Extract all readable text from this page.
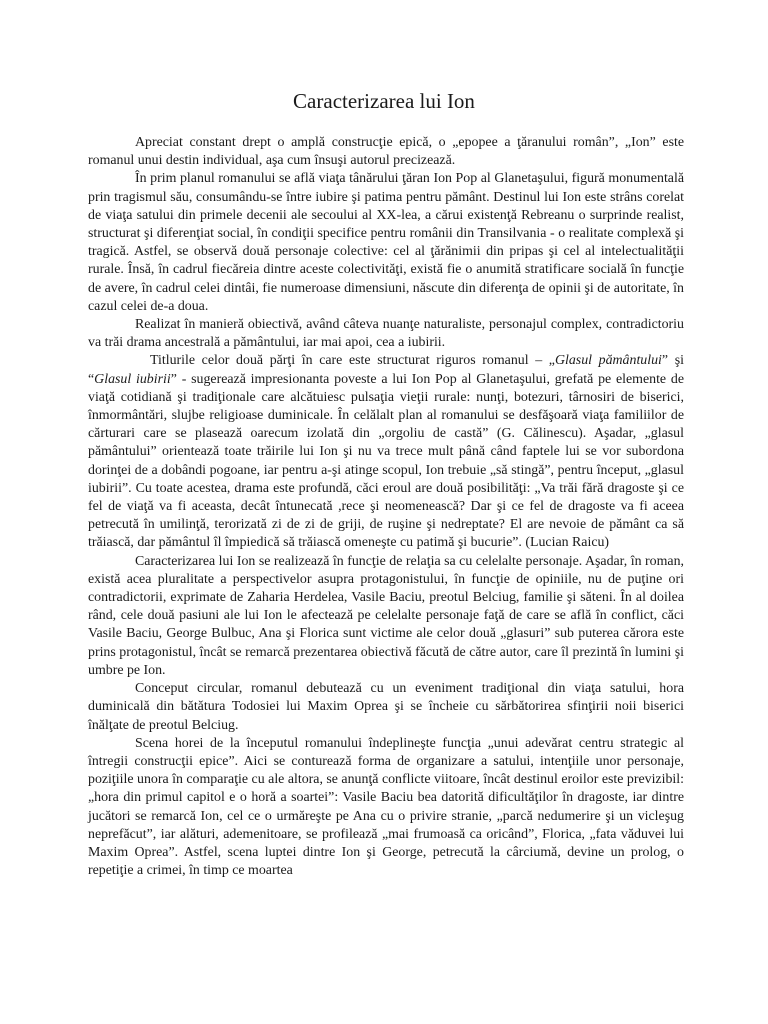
Caracterizarea lui Ion

Apreciat constant drept o amplă construcţie epică, o „epopee a ţăranului român”, „Ion” este romanul unui destin individual, aşa cum însuşi autorul precizează.

În prim planul romanului se află viaţa tânărului ţăran Ion Pop al Glanetaşului, figură monumentală prin tragismul său, consumându-se între iubire şi patima pentru pământ. Destinul lui Ion este strâns corelat de viaţa satului din primele decenii ale secoului al XX-lea, a cărui existenţă Rebreanu o surprinde realist, structurat şi diferenţiat social, în condiţii specifice pentru românii din Transilvania - o realitate complexă şi tragică. Astfel, se observă două personaje colective: cel al ţărănimii din pripas şi cel al intelectualităţii rurale. Însă, în cadrul fiecăreia dintre aceste colectivităţi, există fie o anumită stratificare socială în funcţie de avere, în cadrul celei dintâi, fie numeroase dimensiuni, născute din diferenţa de opinii şi de autoritate, în cazul celei de-a doua.

Realizat în manieră obiectivă, având câteva nuanţe naturaliste, personajul complex, contradictoriu va trăi drama ancestrală a pământului, iar mai apoi, cea a iubirii.

Titlurile celor două părţi în care este structurat riguros romanul – „Glasul pământului” şi “Glasul iubirii” - sugerează impresionanta poveste a lui Ion Pop al Glanetaşului, grefată pe elemente de viaţă cotidiană şi tradiţionale care alcătuiesc pulsaţia vieţii rurale: nunţi, botezuri, târnosiri de biserici, înmormântări, slujbe religioase duminicale. În celălalt plan al romanului se desfăşoară viaţa familiilor de cărturari care se plasează oarecum izolată din „orgoliu de castă” (G. Călinescu). Aşadar, „glasul pământului” orientează toate trăirile lui Ion şi nu va trece mult până când faptele lui se vor subordona dorinţei de a dobândi pogoane, iar pentru a-şi atinge scopul, Ion trebuie „să stingă”, pentru început, „glasul iubirii”. Cu toate acestea, drama este profundă, căci eroul are două posibilităţi: „Va trăi fără dragoste şi ce fel de viaţă va fi aceasta, decât întunecată ,rece şi neomenească? Dar şi ce fel de dragoste va fi aceea petrecută în umilinţă, terorizată zi de zi de griji, de ruşine şi nedreptate? El are nevoie de pământ ca să trăiască, dar pământul îl împiedică să trăiască omeneşte cu patimă şi bucurie”. (Lucian Raicu)

Caracterizarea lui Ion se realizează în funcţie de relaţia sa cu celelalte personaje. Aşadar, în roman, există acea pluralitate a perspectivelor asupra protagonistului, în funcţie de opiniile, nu de puţine ori contradictorii, exprimate de Zaharia Herdelea, Vasile Baciu, preotul Belciug, familie şi săteni. În al doilea rând, cele două pasiuni ale lui Ion le afectează pe celelalte personaje faţă de care se află în conflict, căci Vasile Baciu, George Bulbuc, Ana şi Florica sunt victime ale celor două „glasuri” sub puterea cărora este prins protagonistul, încât se remarcă prezentarea obiectivă făcută de către autor, care îl prezintă în lumini şi umbre pe Ion.

Conceput circular, romanul debutează cu un eveniment tradiţional din viaţa satului, hora duminicală din bătătura Todosiei lui Maxim Oprea şi se încheie cu sărbătorirea sfinţirii noii biserici înălţate de preotul Belciug.

Scena horei de la începutul romanului îndeplineşte funcţia „unui adevărat centru strategic al întregii construcţii epice”. Aici se conturează forma de organizare a satului, intenţiile unor personaje, poziţiile unora în comparaţie cu ale altora, se anunţă conflicte viitoare, încât destinul eroilor este previzibil: „hora din primul capitol e o horă a soartei”: Vasile Baciu bea datorită dificultăţilor în dragoste, iar dintre jucători se remarcă Ion, cel ce o urmăreşte pe Ana cu o privire stranie, „parcă nedumerire şi un vicleşug neprefăcut”, iar alături, ademenitoare, se profilează „mai frumoasă ca oricând”, Florica, „fata văduvei lui Maxim Oprea”. Astfel, scena luptei dintre Ion şi George, petrecută la cârciumă, devine un prolog, o repetiţie a crimei, în timp ce moartea
